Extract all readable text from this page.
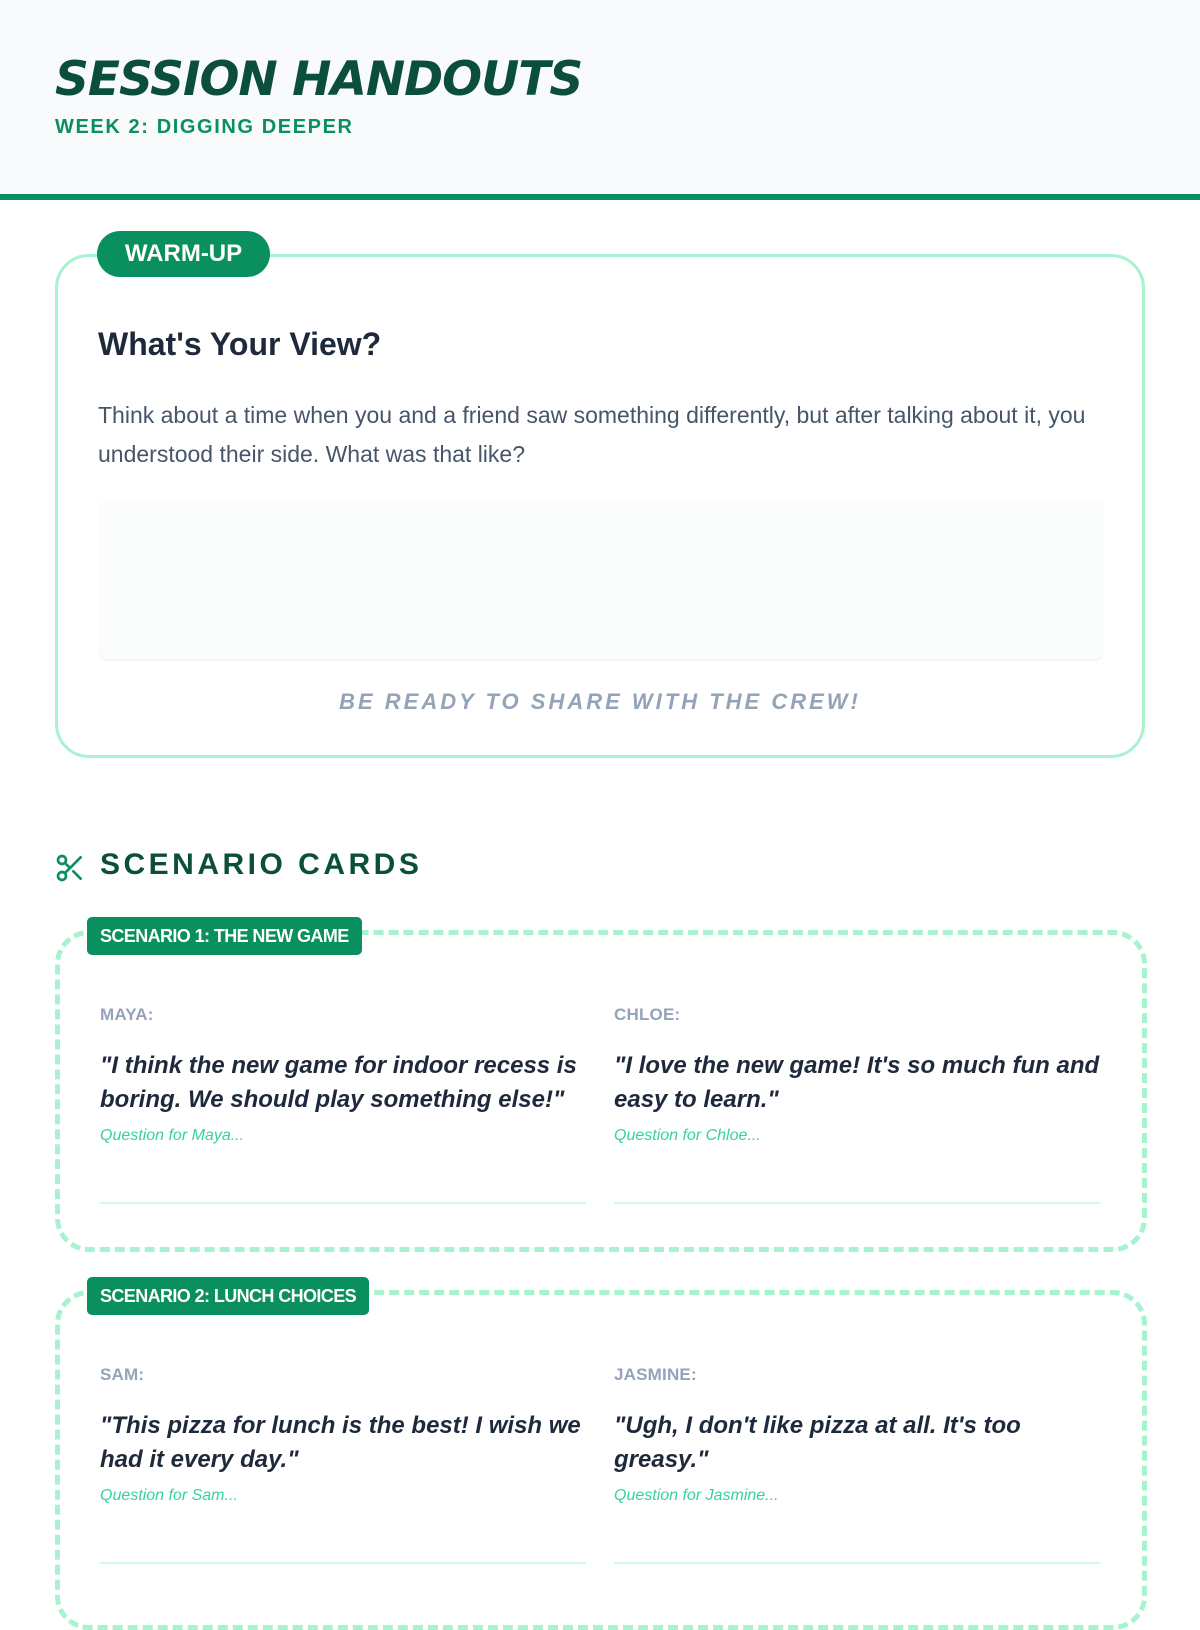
SESSION HANDOUTS
WEEK 2: DIGGING DEEPER
WARM-UP
What's Your View?

Think about a time when you and a friend saw something differently, but after talking about it, you understood their side. What was that like?

BE READY TO SHARE WITH THE CREW!
SCENARIO CARDS
SCENARIO 1: THE NEW GAME
MAYA:
"I think the new game for indoor recess is boring. We should play something else!"
Question for Maya...
CHLOE:
"I love the new game! It's so much fun and easy to learn."
Question for Chloe...
SCENARIO 2: LUNCH CHOICES
SAM:
"This pizza for lunch is the best! I wish we had it every day."
Question for Sam...
JASMINE:
"Ugh, I don't like pizza at all. It's too greasy."
Question for Jasmine...
